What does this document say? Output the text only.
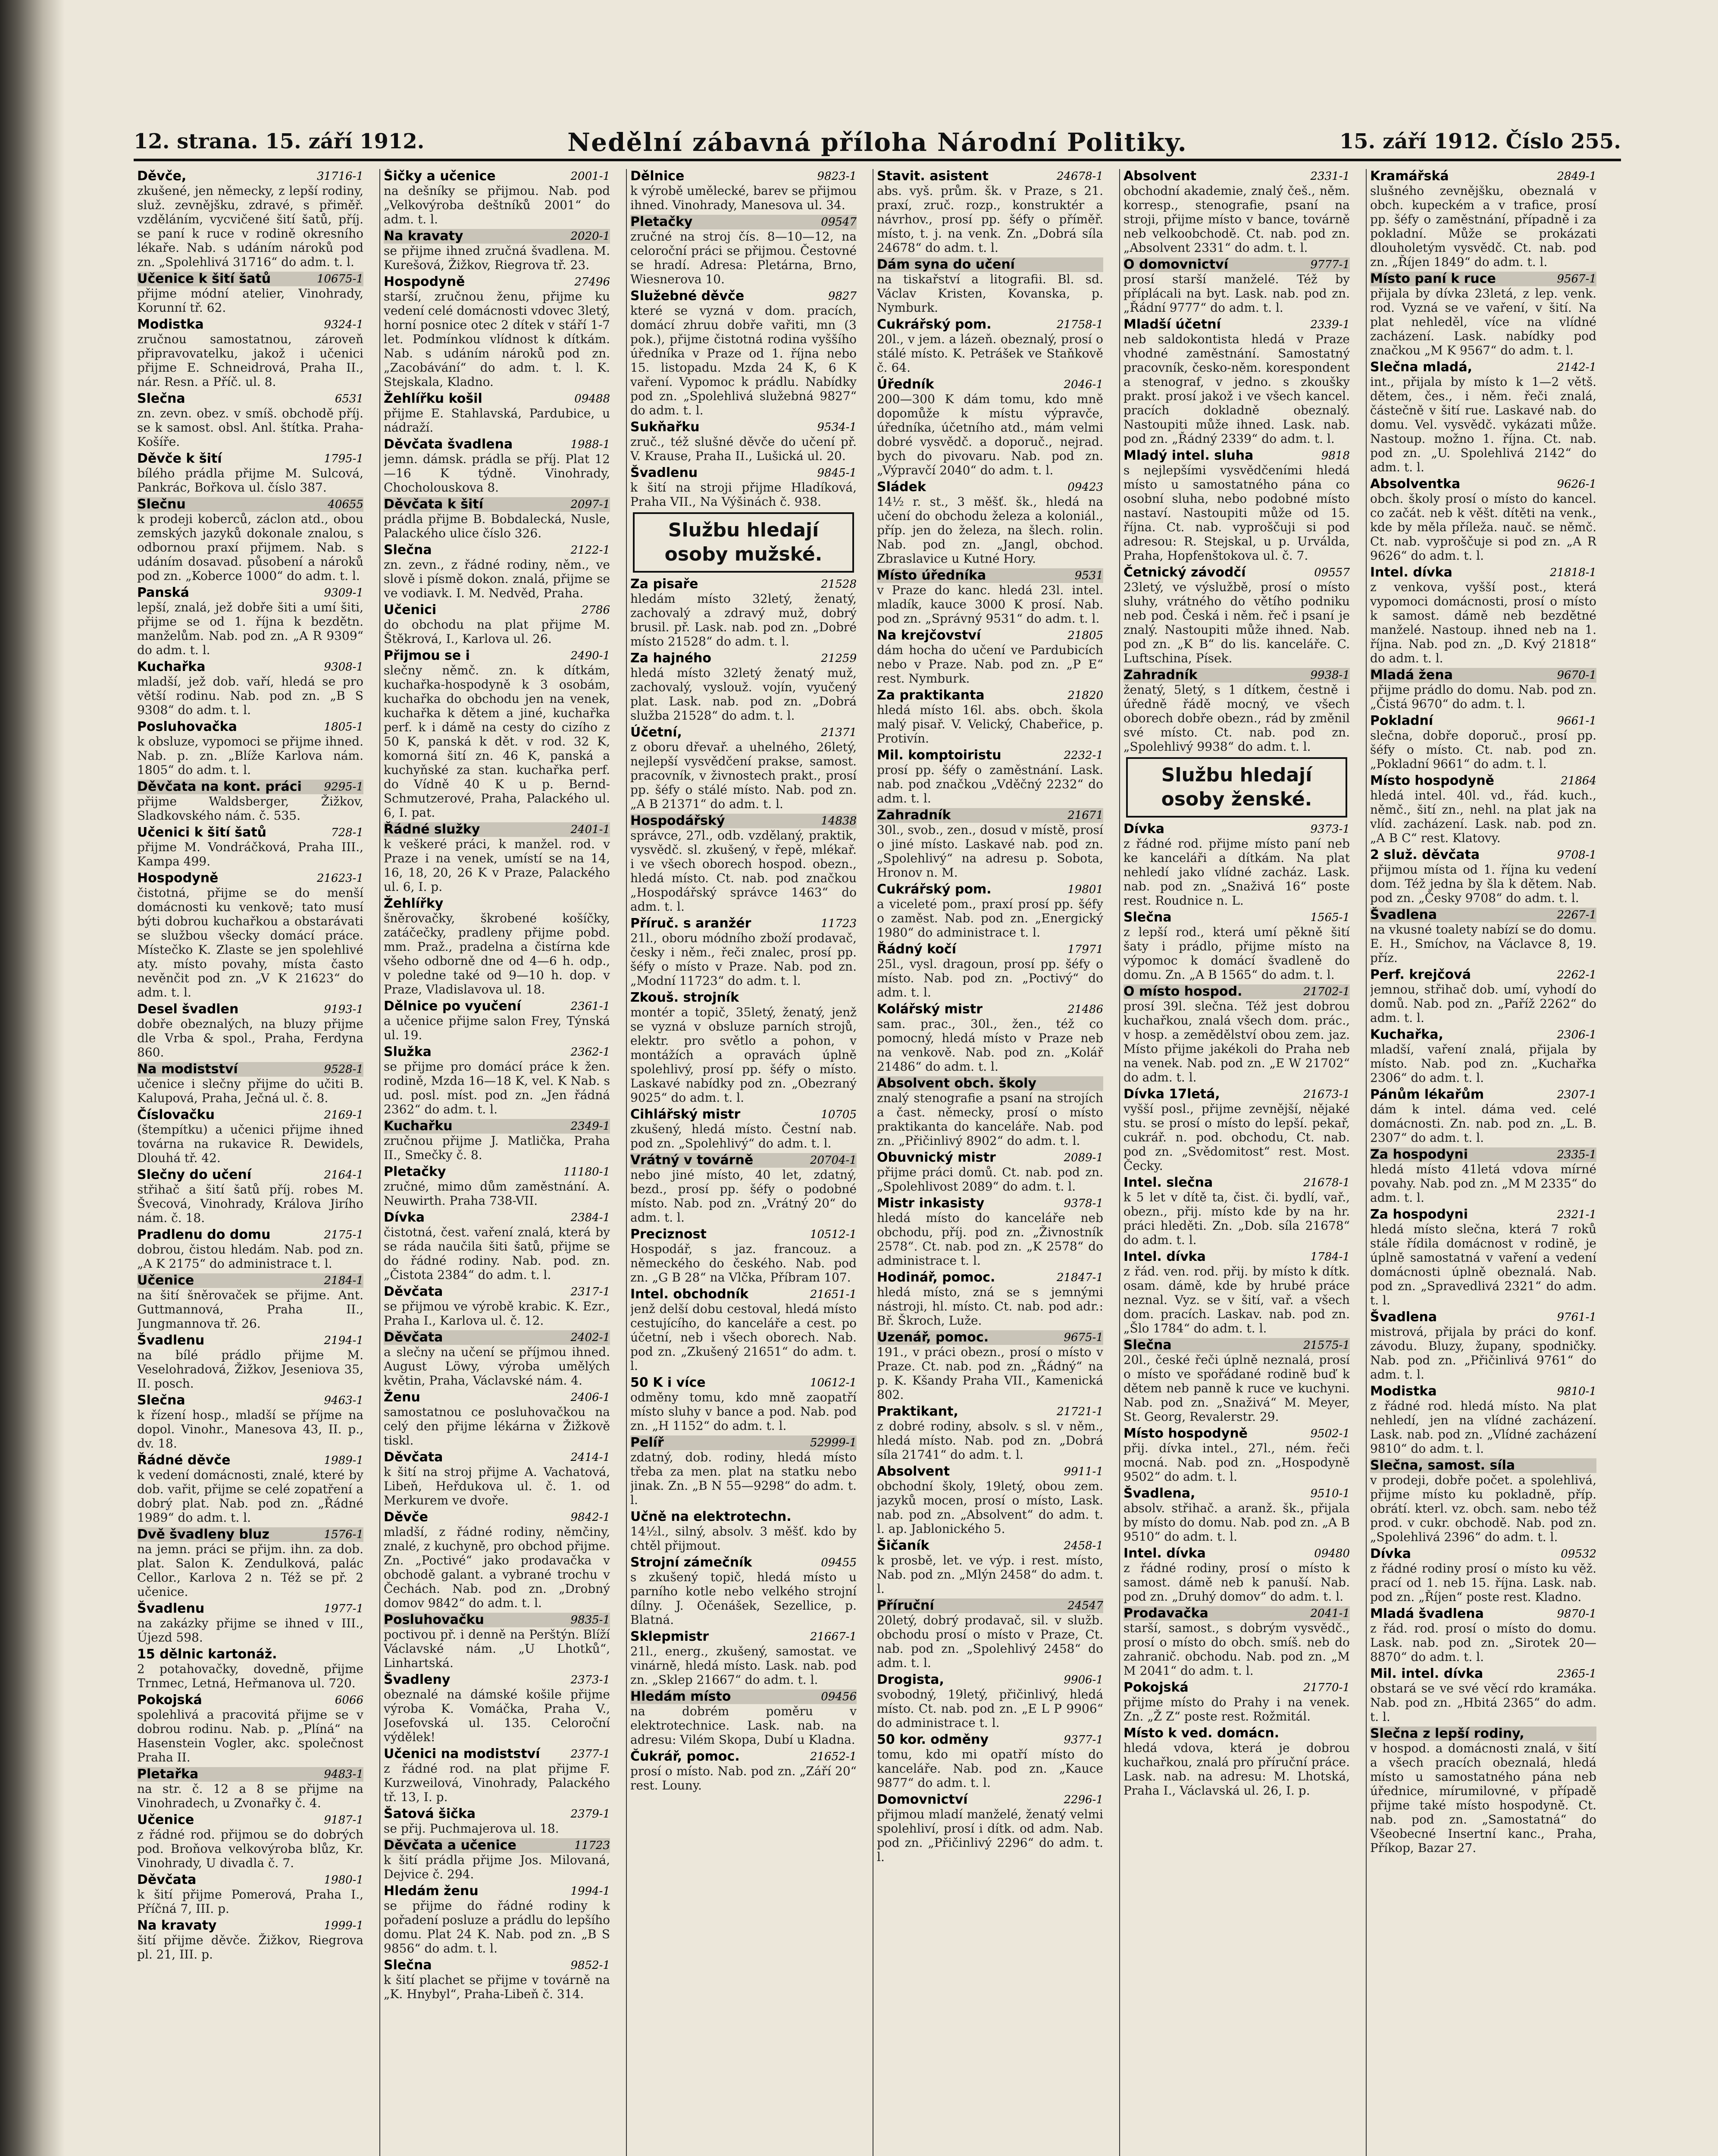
12. strana. 15. září 1912.	Nedělní zábavná příloha Národní Politiky.	15. září 1912. Číslo 255.
31716-1
Děvče,

zkušené, jen německy, z lepší rodiny, služ. zevnějšku, zdravé, s přiměř. vzděláním, vycvičené šití šatů, příj. se paní k ruce v rodině okresního lékaře. Nab. s udáním nároků pod zn. „Spolehlivá 31716“ do adm. t. l.

10675-1
Učenice k šití šatů

přijme módní atelier, Vinohrady, Korunní tř. 62.

9324-1
Modistka

zručnou samostatnou, zároveň připravovatelku, jakož i učenici přijme E. Schneidrová, Praha II., nár. Resn. a Příč. ul. 8.

6531
Slečna

zn. zevn. obez. v smíš. obchodě příj. se k samost. obsl. Anl. štítka. Praha-Košíře.

1795-1
Děvče k šití

bílého prádla přijme M. Sulcová, Pankrác, Bořkova ul. číslo 387.

40655
Slečnu

k prodeji koberců, záclon atd., obou zemských jazyků dokonale znalou, s odbornou praxí přijmem. Nab. s udáním dosavad. působení a nároků pod zn. „Koberce 1000“ do adm. t. l.

9309-1
Panská

lepší, znalá, jež dobře šiti a umí šiti, přijme se od 1. října k bezdětn. manželům. Nab. pod zn. „A R 9309“ do adm. t. l.

9308-1
Kuchařka

mladší, jež dob. vaří, hledá se pro větší rodinu. Nab. pod zn. „B S 9308“ do adm. t. l.

1805-1
Posluhovačka

k obsluze, vypomoci se přijme ihned. Nab. p. zn. „Blíže Karlova nám. 1805“ do adm. t. l.

9295-1
Děvčata na kont. práci

přijme Waldsberger, Žižkov, Sladkovského nám. č. 535.

728-1
Učenici k šití šatů

přijme M. Vondráčková, Praha III., Kampa 499.

21623-1
Hospodyně

čistotná, přijme se do menší domácnosti ku venkově; tato musí býti dobrou kuchařkou a obstarávati se službou všecky domácí práce. Místečko K. Zlaste se jen spolehlivé aty. místo povahy, místa často nevěnčit pod zn. „V K 21623“ do adm. t. l.

9193-1
Desel švadlen

dobře obeznalých, na bluzy přijme dle Vrba & spol., Praha, Ferdyna 860.

9528-1
Na modistství

učenice i slečny přijme do učiti B. Kalupová, Praha, Ječná ul. č. 8.

2169-1
Číslovačku

(štempítku) a učenici přijme ihned továrna na rukavice R. Dewidels, Dlouhá tř. 42.

2164-1
Slečny do učení

střihač a šití šatů příj. robes M. Švecová, Vinohrady, Králova Jirího nám. č. 18.

2175-1
Pradlenu do domu

dobrou, čistou hledám. Nab. pod zn. „A K 2175“ do administrace t. l.

2184-1
Učenice

na šití šněrovaček se přijme. Ant. Guttmannová, Praha II., Jungmannova tř. 26.

2194-1
Švadlenu

na bílé prádlo přijme M. Veselohradová, Žižkov, Jeseniova 35, II. posch.

9463-1
Slečna

k řízení hosp., mladší se příjme na dopol. Vinohr., Manesova 43, II. p., dv. 18.

1989-1
Řádné děvče

k vedení domácnosti, znalé, které by dob. vařit, přijme se celé zopatření a dobrý plat. Nab. pod zn. „Řádné 1989“ do adm. t. l.

1576-1
Dvě švadleny bluz

na jemn. práci se přijm. ihn. za dob. plat. Salon K. Zendulková, palác Cellor., Karlova 2 n. Též se př. 2 učenice.

1977-1
Švadlenu

na zakázky přijme se ihned v III., Újezd 598.

15 dělnic kartonáž.

2 potahovačky, dovedně, přijme Trnmec, Letná, Heřmanova ul. 720.

6066
Pokojská

spolehlivá a pracovitá přijme se v dobrou rodinu. Nab. p. „Plíná“ na Hasenstein Vogler, akc. společnost Praha II.

9483-1
Pletařka

na str. č. 12 a 8 se přijme na Vinohradech, u Zvonařky č. 4.

9187-1
Učenice

z řádné rod. přijmou se do dobrých pod. Broňova velkovýroba blůz, Kr. Vinohrady, U divadla č. 7.

1980-1
Děvčata

k šití přijme Pomerová, Praha I., Příčná 7, III. p.

1999-1
Na kravaty

šití přijme děvče. Žižkov, Riegrova pl. 21, III. p.

2001-1
Šičky a učenice

na dešníky se přijmou. Nab. pod „Velkovýroba deštníků 2001“ do adm. t. l.

2020-1
Na kravaty

se přijme ihned zručná švadlena. M. Kurešová, Žižkov, Riegrova tř. 23.

27496
Hospodyně

starší, zručnou ženu, přijme ku vedení celé domácnosti vdovec 3letý, horní posnice otec 2 dítek v stáří 1-7 let. Podmínkou vlídnost k dítkám. Nab. s udáním nároků pod zn. „Zacobávání“ do adm. t. l. K. Stejskala, Kladno.

09488
Žehlířku košil

přijme E. Stahlavská, Pardubice, u nádraží.

1988-1
Děvčata švadlena

jemn. dámsk. prádla se příj. Plat 12—16 K týdně. Vinohrady, Chocholouskova 8.

2097-1
Děvčata k šití

prádla přijme B. Bobdalecká, Nusle, Palackého ulice číslo 326.

2122-1
Slečna

zn. zevn., z řádné rodiny, něm., ve slově i písmě dokon. znalá, přijme se ve vodiavk. I. M. Nedvěd, Praha.

2786
Učenici

do obchodu na plat přijme M. Štěkrová, I., Karlova ul. 26.

2490-1
Přijmou se i

slečny němč. zn. k dítkám, kuchařka-hospodyně k 3 osobám, kuchařka do obchodu jen na venek, kuchařka k dětem a jiné, kuchařka perf. k i dámě na cesty do cizího z 50 K, panská k dět. v rod. 32 K, komorná šití zn. 46 K, panská a kuchyňské za stan. kuchařka perf. do Vídně 40 K u p. Bernd-Schmutzerové, Praha, Palackého ul. 6, I. pat.

2401-1
Řádné služky

k veškeré práci, k manžel. rod. v Praze i na venek, umístí se na 14, 16, 18, 20, 26 K v Praze, Palackého ul. 6, I. p.

Žehlířky

šněrovačky, škrobené košíčky, zatáčečky, pradleny přijme pobd. mm. Praž., pradelna a čistírna kde všeho odborně dne od 4—6 h. odp., v poledne také od 9—10 h. dop. v Praze, Vladislavova ul. 18.

2361-1
Dělnice po vyučení

a učenice přijme salon Frey, Týnská ul. 19.

2362-1
Služka

se přijme pro domácí práce k žen. rodině, Mzda 16—18 K, vel. K Nab. s ud. posl. míst. pod zn. „Jen řádná 2362“ do adm. t. l.

2349-1
Kuchařku

zručnou přijme J. Matlička, Praha II., Smečky č. 8.

11180-1
Pletačky

zručné, mimo dům zaměstnání. A. Neuwirth. Praha 738-VII.

2384-1
Dívka

čistotná, čest. vaření znalá, která by se ráda naučila šiti šatů, přijme se do řádné rodiny. Nab. pod. zn. „Čistota 2384“ do adm. t. l.

2317-1
Děvčata

se přijmou ve výrobě krabic. K. Ezr., Praha I., Karlova ul. č. 12.

2402-1
Děvčata

a slečny na učení se příjmou ihned. August Löwy, výroba umělých květin, Praha, Václavské nám. 4.

2406-1
Ženu

samostatnou ce posluhovačkou na celý den přijme lékárna v Žižkově tiskl.

2414-1
Děvčata

k šití na stroj přijme A. Vachatová, Libeň, Heřdukova ul. č. 1. od Merkurem ve dvoře.

9842-1
Děvče

mladší, z řádné rodiny, němčiny, znalé, z kuchyně, pro obchod přijme. Zn. „Poctivé“ jako prodavačka v obchodě galant. a vybrané trochu v Čechách. Nab. pod zn. „Drobný domov 9842“ do adm. t. l.

9835-1
Posluhovačku

poctivou př. i denně na Perštýn. Blíží Václavské nám. „U Lhotků“, Linhartská.

2373-1
Švadleny

obeznalé na dámské košile přijme výroba K. Vomáčka, Praha V., Josefovská ul. 135. Celoroční výdělek!

2377-1
Učenici na modistství

z řádné rod. na plat přijme F. Kurzweilová, Vinohrady, Palackého tř. 13, I. p.

2379-1
Šatová šička

se přij. Puchmajerova ul. 18.

11723
Děvčata a učenice

k šití prádla přijme Jos. Milovaná, Dejvice č. 294.

1994-1
Hledám ženu

se přijme do řádné rodiny k pořadení posluze a prádlu do lepšího domu. Plat 24 K. Nab. pod zn. „B S 9856“ do adm. t. l.

9852-1
Slečna

k šití plachet se přijme v továrně na „K. Hnybyl“, Praha-Libeň č. 314.

9823-1
Dělnice

k výrobě umělecké, barev se přijmou ihned. Vinohrady, Manesova ul. 34.

09547
Pletačky

zručné na stroj čís. 8—10—12, na celoroční práci se přijmou. Čestovné se hradí. Adresa: Pletárna, Brno, Wiesnerova 10.

9827
Služebné děvče

které se vyzná v dom. pracích, domácí zhruu dobře vařiti, mn (3 pok.), přijme čistotná rodina vyššího úředníka v Praze od 1. října nebo 15. listopadu. Mzda 24 K, 6 K vaření. Vypomoc k prádlu. Nabídky pod zn. „Spolehlivá služebná 9827“ do adm. t. l.

9534-1
Sukňařku

zruč., též slušné děvče do učení př. V. Krause, Praha II., Lušická ul. 20.

9845-1
Švadlenu

k šití na stroji přijme Hladíková, Praha VII., Na Výšinách č. 938.

Službu hledají osoby mužské.
21528
Za pisaře

hledám místo 32letý, ženatý, zachovalý a zdravý muž, dobrý brusil. př. Lask. nab. pod zn. „Dobré místo 21528“ do adm. t. l.

21259
Za hajného

hledá místo 32letý ženatý muž, zachovalý, vyslouž. vojín, vyučený plat. Lask. nab. pod zn. „Dobrá služba 21528“ do adm. t. l.

21371
Účetní,

z oboru dřevař. a uhelného, 26letý, nejlepší vysvědčení prakse, samost. pracovník, v živnostech prakt., prosí pp. šéfy o stálé místo. Nab. pod zn. „A B 21371“ do adm. t. l.

14838
Hospodářský

správce, 27l., odb. vzdělaný, praktik, vysvědč. sl. zkušený, v řepě, mlékař. i ve všech oborech hospod. obezn., hledá místo. Ct. nab. pod značkou „Hospodářský správce 1463“ do adm. t. l.

11723
Příruč. s aranžér

21l., oboru módního zboží prodavač, česky i něm., řeči znalec, prosí pp. šéfy o místo v Praze. Nab. pod zn. „Modní 11723“ do adm. t. l.

Zkouš. strojník

montér a topič, 35letý, ženatý, jenž se vyzná v obsluze parních strojů, elektr. pro světlo a pohon, v montážích a opravách úplně spolehlivý, prosí pp. šéfy o místo. Laskavé nabídky pod zn. „Obezraný 9025“ do adm. t. l.

10705
Cihlářský mistr

zkušený, hledá místo. Čestní nab. pod zn. „Spolehlivý“ do adm. t. l.

20704-1
Vrátný v továrně

nebo jiné místo, 40 let, zdatný, bezd., prosí pp. šéfy o podobné místo. Nab. pod zn. „Vrátný 20“ do adm. t. l.

10512-1
Preciznost

Hospodář, s jaz. francouz. a německého do českého. Nab. pod zn. „G B 28“ na Vlčka, Příbram 107.

21651-1
Intel. obchodník

jenž delší dobu cestoval, hledá místo cestujícího, do kanceláře a cest. po účetní, neb i všech oborech. Nab. pod zn. „Zkušený 21651“ do adm. t. l.

10612-1
50 K i více

odměny tomu, kdo mně zaopatří místo sluhy v bance a pod. Nab. pod zn. „H 1152“ do adm. t. l.

52999-1
Pelíř

zdatný, dob. rodiny, hledá místo třeba za men. plat na statku nebo jinak. Zn. „B N 55—9298“ do adm. t. l.

Učně na elektrotechn.

14½l., silný, absolv. 3 měšť. kdo by chtěl přijmout.

09455
Strojní zámečník

s zkušený topič, hledá místo u parního kotle nebo velkého strojní dílny. J. Očenášek, Sezellice, p. Blatná.

21667-1
Sklepmistr

21l., energ., zkušený, samostat. ve vinárně, hledá místo. Lask. nab. pod zn. „Sklep 21667“ do adm. t. l.

09456
Hledám místo

na dobrém poměru v elektrotechnice. Lask. nab. na adresu: Vilém Skopa, Dubí u Kladna.

21652-1
Čukrář, pomoc.

prosí o místo. Nab. pod zn. „Září 20“ rest. Louny.

24678-1
Stavit. asistent

abs. vyš. prům. šk. v Praze, s 21. praxí, zruč. rozp., konstruktér a návrhov., prosí pp. šéfy o příměř. místo, t. j. na venk. Zn. „Dobrá síla 24678“ do adm. t. l.

Dám syna do učení

na tiskařství a litografii. Bl. sd. Václav Kristen, Kovanska, p. Nymburk.

21758-1
Cukrářský pom.

20l., v jem. a lázeň. obeznalý, prosí o stálé místo. K. Petrášek ve Staňkově č. 64.

2046-1
Úředník

200—300 K dám tomu, kdo mně dopomůže k místu výpravče, úředníka, účetního atd., mám velmi dobré vysvědč. a doporuč., nejrad. bych do pivovaru. Nab. pod zn. „Výpravčí 2040“ do adm. t. l.

09423
Sládek

14½ r. st., 3 měšť. šk., hledá na učení do obchodu železa a koloniál., příp. jen do železa, na šlech. rolin. Nab. pod zn. „Jangl, obchod. Zbraslavice u Kutné Hory.

9531
Místo úředníka

v Praze do kanc. hledá 23l. intel. mladík, kauce 3000 K prosí. Nab. pod zn. „Správný 9531“ do adm. t. l.

21805
Na krejčovství

dám hocha do učení ve Pardubicích nebo v Praze. Nab. pod zn. „P E“ rest. Nymburk.

21820
Za praktikanta

hledá místo 16l. abs. obch. škola malý pisař. V. Velický, Chabeřice, p. Protivín.

2232-1
Mil. komptoiristu

prosí pp. šéfy o zaměstnání. Lask. nab. pod značkou „Vděčný 2232“ do adm. t. l.

21671
Zahradník

30l., svob., zen., dosud v místě, prosí o jiné místo. Laskavé nab. pod zn. „Spolehlivý“ na adresu p. Sobota, Hronov n. M.

19801
Cukrářský pom.

a viceleté pom., praxí prosí pp. šéfy o zaměst. Nab. pod zn. „Energický 1980“ do administrace t. l.

17971
Řádný kočí

25l., vysl. dragoun, prosí pp. šéfy o místo. Nab. pod zn. „Poctivý“ do adm. t. l.

21486
Kolářský mistr

sam. prac., 30l., žen., též co pomocný, hledá místo v Praze neb na venkově. Nab. pod zn. „Kolář 21486“ do adm. t. l.

Absolvent obch. školy

znalý stenografie a psaní na strojích a čast. německy, prosí o místo praktikanta do kanceláře. Nab. pod zn. „Přičinlivý 8902“ do adm. t. l.

2089-1
Obuvnický mistr

přijme práci domů. Ct. nab. pod zn. „Spolehlivost 2089“ do adm. t. l.

9378-1
Mistr inkasisty

hledá místo do kanceláře neb obchodu, příj. pod zn. „Živnostník 2578“. Ct. nab. pod zn. „K 2578“ do administrace t. l.

21847-1
Hodinář, pomoc.

hledá místo, zná se s jemnými nástroji, hl. místo. Ct. nab. pod adr.: Bř. Škroch, Luže.

9675-1
Uzenář, pomoc.

191., v práci obezn., prosí o místo v Praze. Ct. nab. pod zn. „Řádný“ na p. K. Kšandy Praha VII., Kamenická 802.

21721-1
Praktikant,

z dobré rodiny, absolv. s sl. v něm., hledá místo. Nab. pod zn. „Dobrá síla 21741“ do adm. t. l.

9911-1
Absolvent

obchodní školy, 19letý, obou zem. jazyků mocen, prosí o místo, Lask. nab. pod zn. „Absolvent“ do adm. t. l. ap. Jablonického 5.

2458-1
Šičaník

k prosbě, let. ve výp. i rest. místo, Nab. pod zn. „Mlýn 2458“ do adm. t. l.

24547
Příruční

20letý, dobrý prodavač, sil. v služb. obchodu prosí o místo v Praze, Ct. nab. pod zn. „Spolehlivý 2458“ do adm. t. l.

9906-1
Drogista,

svobodný, 19letý, přičinlivý, hledá místo. Ct. nab. pod zn. „E L P 9906“ do administrace t. l.

9377-1
50 kor. odměny

tomu, kdo mi opatří místo do kanceláře. Nab. pod zn. „Kauce 9877“ do adm. t. l.

2296-1
Domovnictví

přijmou mladí manželé, ženatý velmi spolehliví, prosí i dítk. od adm. Nab. pod zn. „Přičinlivý 2296“ do adm. t. l.

2331-1
Absolvent

obchodní akademie, znalý češ., něm. korresp., stenografie, psaní na stroji, přijme místo v bance, továrně neb velkoobchodě. Ct. nab. pod zn. „Absolvent 2331“ do adm. t. l.

9777-1
O domovnictví

prosí starší manželé. Též by příplácali na byt. Lask. nab. pod zn. „Řádní 9777“ do adm. t. l.

2339-1
Mladší účetní

neb saldokontista hledá v Praze vhodné zaměstnání. Samostatný pracovník, česko-něm. korespondent a stenograf, v jedno. s zkoušky prakt. prosí jakož i ve všech kancel. pracích dokladně obeznalý. Nastoupiti může ihned. Lask. nab. pod zn. „Řádný 2339“ do adm. t. l.

9818
Mladý intel. sluha

s nejlepšími vysvědčeními hledá místo u samostatného pána co osobní sluha, nebo podobné místo nastaví. Nastoupiti může od 15. října. Ct. nab. vyproščuji si pod adresou: R. Stejskal, u p. Urválda, Praha, Hopfenštokova ul. č. 7.

09557
Četnický závodčí

23letý, ve výslužbě, prosí o místo sluhy, vrátného do větího podniku neb pod. Česká i něm. řeč i psaní je znalý. Nastoupiti může ihned. Nab. pod zn. „K B“ do lis. kanceláře. C. Luftschina, Písek.

9938-1
Zahradník

ženatý, 5letý, s 1 dítkem, čestně i úředně řádě mocný, ve všech oborech dobře obezn., rád by změnil své místo. Ct. nab. pod zn. „Spolehlivý 9938“ do adm. t. l.

Službu hledají osoby ženské.
9373-1
Dívka

z řádné rod. přijme místo paní neb ke kanceláři a dítkám. Na plat nehledí jako vlídné zacház. Lask. nab. pod zn. „Snaživá 16“ poste rest. Roudnice n. L.

1565-1
Slečna

z lepší rod., která umí pěkně šití šaty i prádlo, přijme místo na výpomoc k domácí švadleně do domu. Zn. „A B 1565“ do adm. t. l.

21702-1
O místo hospod.

prosí 39l. slečna. Též jest dobrou kuchařkou, znalá všech dom. prác., v hosp. a zemědělství obou zem. jaz. Místo přijme jakékoli do Praha neb na venek. Nab. pod zn. „E W 21702“ do adm. t. l.

21673-1
Dívka 17letá,

vyšší posl., přijme zevnější, nějaké stu. se prosí o místo do lepší. pekař, cukrář. n. pod. obchodu, Ct. nab. pod zn. „Svědomitost“ rest. Most. Čecky.

21678-1
Intel. slečna

k 5 let v dítě ta, čist. či. bydlí, vař., obezn., přij. místo kde by na hr. práci hleděti. Zn. „Dob. síla 21678“ do adm. t. l.

1784-1
Intel. dívka

z řád. ven. rod. přij. by místo k dítk. osam. dámě, kde by hrubé práce neznal. Vyz. se v šití, vař. a všech dom. pracích. Laskav. nab. pod zn. „Šlo 1784“ do adm. t. l.

21575-1
Slečna

20l., české řeči úplně neznalá, prosí o místo ve spořádané rodině buď k dětem neb panně k ruce ve kuchyni. Nab. pod zn. „Snaživá“ M. Meyer, St. Georg, Revalerstr. 29.

9502-1
Místo hospodyně

přij. dívka intel., 27l., ném. řeči mocná. Nab. pod zn. „Hospodyně 9502“ do adm. t. l.

9510-1
Švadlena,

absolv. střihač. a aranž. šk., přijala by místo do domu. Nab. pod zn. „A B 9510“ do adm. t. l.

09480
Intel. dívka

z řádné rodiny, prosí o místo k samost. dámě neb k panuší. Nab. pod zn. „Druhý domov“ do adm. t. l.

2041-1
Prodavačka

starší, samost., s dobrým vysvědč., prosí o místo do obch. smíš. neb do zahranič. obchodu. Nab. pod zn. „M M 2041“ do adm. t. l.

21770-1
Pokojská

přijme místo do Prahy i na venek. Zn. „Ž Z“ poste rest. Rožmitál.

Místo k ved. domácn.

hledá vdova, která je dobrou kuchařkou, znalá pro příruční práce. Lask. nab. na adresu: M. Lhotská, Praha I., Václavská ul. 26, I. p.

2849-1
Kramářská

slušného zevnějšku, obeznalá v obch. kupeckém a v trafice, prosí pp. šéfy o zaměstnání, případně i za pokladní. Může se prokázati dlouholetým vysvědč. Ct. nab. pod zn. „Říjen 1849“ do adm. t. l.

9567-1
Místo paní k ruce

přijala by dívka 23letá, z lep. venk. rod. Vyzná se ve vaření, v šití. Na plat nehleděl, více na vlídné zacházení. Lask. nabídky pod značkou „M K 9567“ do adm. t. l.

2142-1
Slečna mladá,

int., přijala by místo k 1—2 větš. dětem, čes., i něm. řeči znalá, částečně v šití rue. Laskavé nab. do domu. Vel. vysvědč. vykázati může. Nastoup. možno 1. října. Ct. nab. pod zn. „U. Spolehlivá 2142“ do adm. t. l.

9626-1
Absolventka

obch. školy prosí o místo do kancel. co začát. neb k věšt. dítěti na venk., kde by měla příleža. nauč. se němč. Ct. nab. vyproščuje si pod zn. „A R 9626“ do adm. t. l.

21818-1
Intel. dívka

z venkova, vyšší post., která vypomoci domácnosti, prosí o místo k samost. dámě neb bezdětné manželé. Nastoup. ihned neb na 1. října. Nab. pod zn. „D. Kvý 21818“ do adm. t. l.

9670-1
Mladá žena

přijme prádlo do domu. Nab. pod zn. „Čistá 9670“ do adm. t. l.

9661-1
Pokladní

slečna, dobře doporuč., prosí pp. šéfy o místo. Ct. nab. pod zn. „Pokladní 9661“ do adm. t. l.

21864
Místo hospodyně

hledá intel. 40l. vd., řád. kuch., němč., šití zn., nehl. na plat jak na vlíd. zacházení. Lask. nab. pod zn. „A B C“ rest. Klatovy.

9708-1
2 služ. děvčata

přijmou místa od 1. října ku vedení dom. Též jedna by šla k dětem. Nab. pod zn. „Česky 9708“ do adm. t. l.

2267-1
Švadlena

na vkusné toalety nabízí se do domu. E. H., Smíchov, na Václavce 8, 19. příz.

2262-1
Perf. krejčová

jemnou, střihač dob. umí, vyhodí do domů. Nab. pod zn. „Paříž 2262“ do adm. t. l.

2306-1
Kuchařka,

mladší, vaření znalá, přijala by místo. Nab. pod zn. „Kuchařka 2306“ do adm. t. l.

2307-1
Pánům lékařům

dám k intel. dáma ved. celé domácnosti. Zn. nab. pod zn. „L. B. 2307“ do adm. t. l.

2335-1
Za hospodyni

hledá místo 41letá vdova mírné povahy. Nab. pod zn. „M M 2335“ do adm. t. l.

2321-1
Za hospodyni

hledá místo slečna, která 7 roků stále řídila domácnost v rodině, je úplně samostatná v vaření a vedení domácnosti úplně obeznalá. Nab. pod zn. „Spravedlivá 2321“ do adm. t. l.

9761-1
Švadlena

mistrová, přijala by práci do konf. závodu. Bluzy, župany, spodničky. Nab. pod zn. „Přičinlivá 9761“ do adm. t. l.

9810-1
Modistka

z řádné rod. hledá místo. Na plat nehledí, jen na vlídné zacházení. Lask. nab. pod zn. „Vlídné zacházení 9810“ do adm. t. l.

Slečna, samost. síla

v prodeji, dobře počet. a spolehlivá, přijme místo ku pokladně, příp. obrátí. kterl. vz. obch. sam. nebo též prod. v cukr. obchodě. Nab. pod zn. „Spolehlivá 2396“ do adm. t. l.

09532
Dívka

z řádné rodiny prosí o místo ku věž. prací od 1. neb 15. října. Lask. nab. pod zn. „Říjen“ poste rest. Kladno.

9870-1
Mladá švadlena

z řád. rod. prosí o místo do domu. Lask. nab. pod zn. „Sirotek 20—8870“ do adm. t. l.

2365-1
Mil. intel. dívka

obstará se ve své věcí rdo kramáka. Nab. pod zn. „Hbitá 2365“ do adm. t. l.

Slečna z lepší rodiny,

v hospod. a domácnosti znalá, v šití a všech pracích obeznalá, hledá místo u samostatného pána neb úřednice, mírumilovné, v případě přijme také místo hospodyně. Ct. nab. pod zn. „Samostatná“ do Všeobecné Insertní kanc., Praha, Příkop, Bazar 27.
